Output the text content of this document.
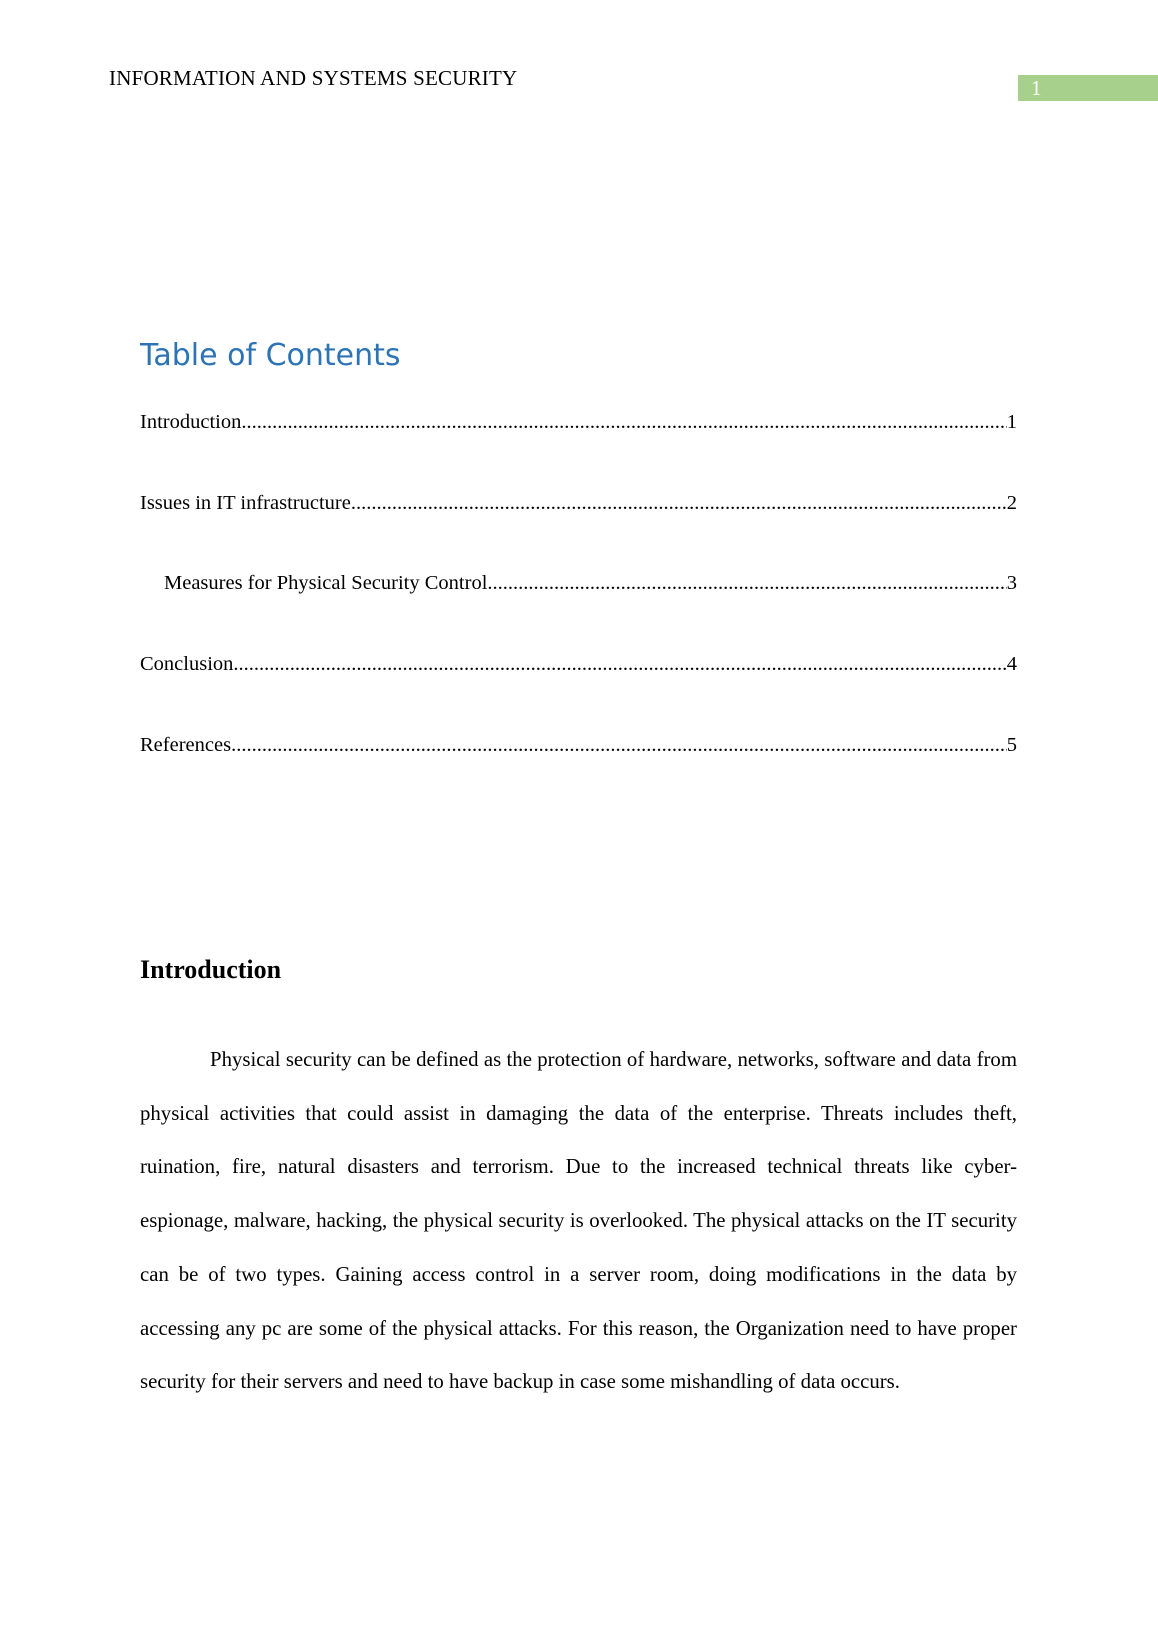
INFORMATION AND SYSTEMS SECURITY	1
Table of Contents
Introduction .....	1
Issues in IT infrastructure .....	2
Measures for Physical Security Control .....	3
Conclusion .....	4
References .....	5
Introduction
Physical security can be defined as the protection of hardware, networks, software and data from physical activities that could assist in damaging the data of the enterprise. Threats includes theft, ruination, fire, natural disasters and terrorism. Due to the increased technical threats like cyber-espionage, malware, hacking, the physical security is overlooked. The physical attacks on the IT security can be of two types. Gaining access control in a server room, doing modifications in the data by accessing any pc are some of the physical attacks. For this reason, the Organization need to have proper security for their servers and need to have backup in case some mishandling of data occurs.
